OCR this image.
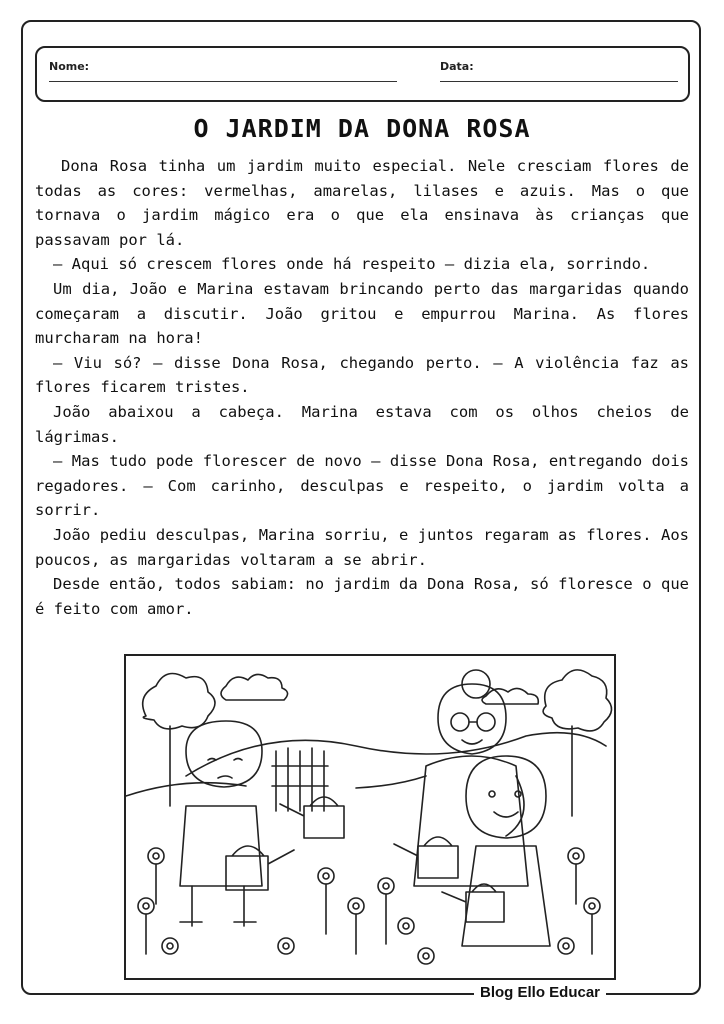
Nome:	Data:
O JARDIM DA DONA ROSA

Dona Rosa tinha um jardim muito especial. Nele cresciam flores de todas as cores: vermelhas, amarelas, lilases e azuis. Mas o que tornava o jardim mágico era o que ela ensinava às crianças que passavam por lá.

— Aqui só crescem flores onde há respeito — dizia ela, sorrindo.

Um dia, João e Marina estavam brincando perto das margaridas quando começaram a discutir. João gritou e empurrou Marina. As flores murcharam na hora!

— Viu só? — disse Dona Rosa, chegando perto. — A violência faz as flores ficarem tristes.

João abaixou a cabeça. Marina estava com os olhos cheios de lágrimas.

— Mas tudo pode florescer de novo — disse Dona Rosa, entregando dois regadores. — Com carinho, desculpas e respeito, o jardim volta a sorrir.

João pediu desculpas, Marina sorriu, e juntos regaram as flores. Aos poucos, as margaridas voltaram a se abrir.

Desde então, todos sabiam: no jardim da Dona Rosa, só floresce o que é feito com amor.

Blog Ello Educar
